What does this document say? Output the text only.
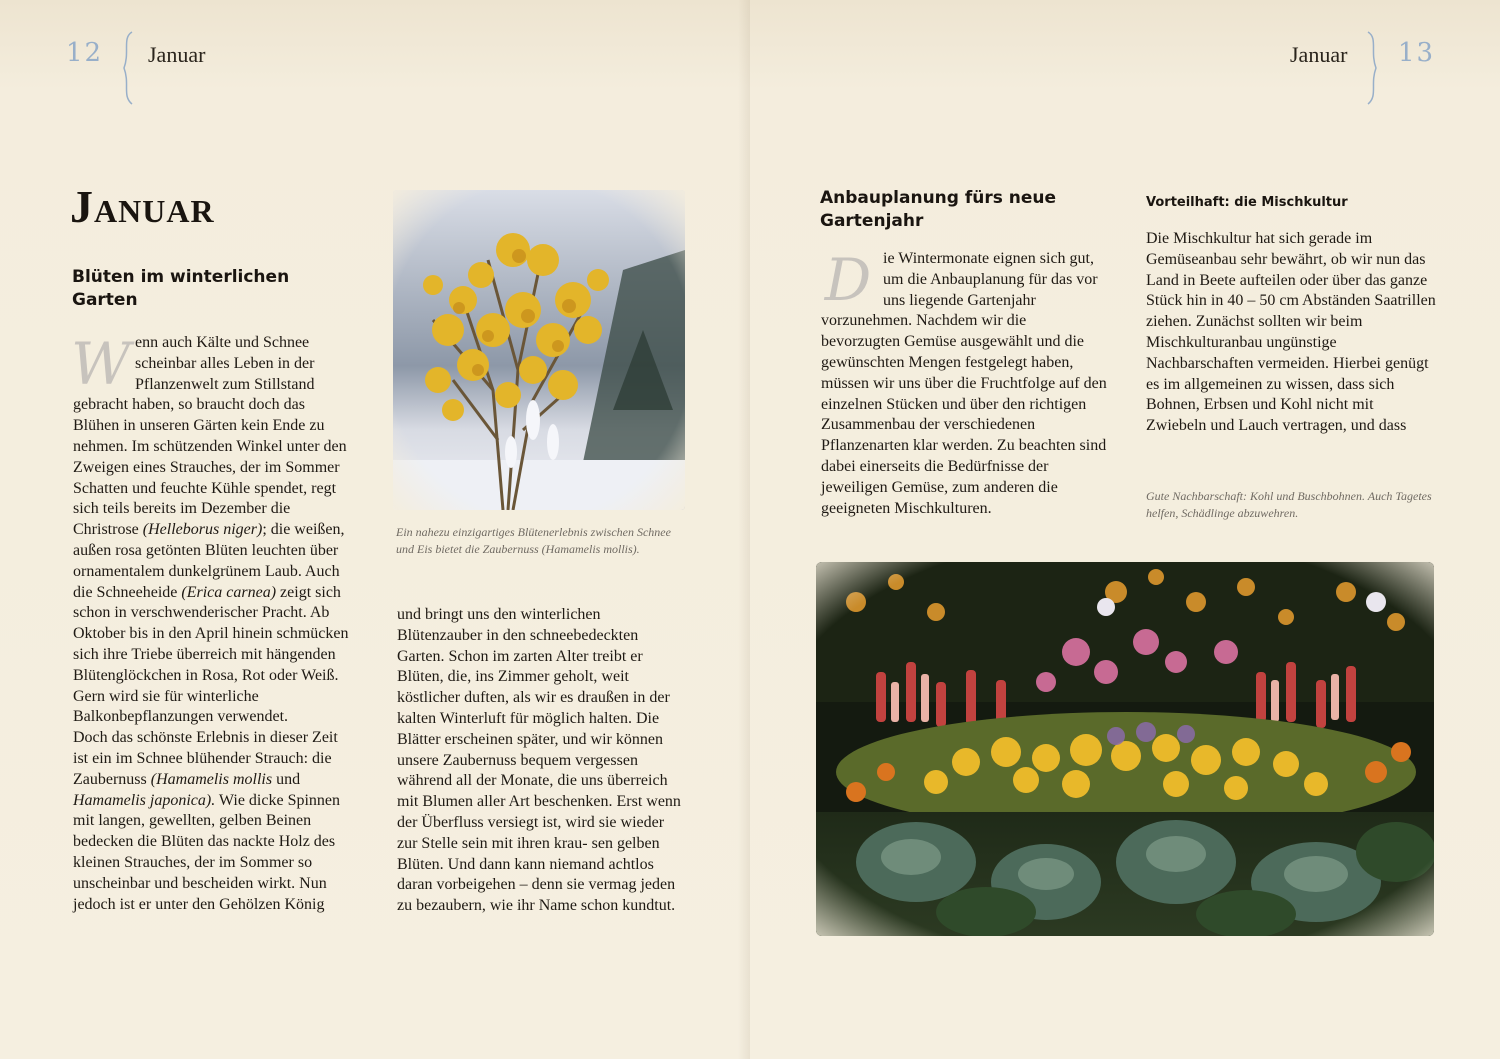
12 Januar
Januar
Blüten im winterlichen Garten

Wenn auch Kälte und Schnee scheinbar alles Leben in der Pflanzenwelt zum Stillstand gebracht haben, so braucht doch das Blühen in unseren Gärten kein Ende zu nehmen. Im schützenden Winkel unter den Zweigen eines Strauches, der im Sommer Schatten und feuchte Kühle spendet, regt sich teils bereits im Dezember die Christrose (Helleborus niger); die weißen, außen rosa getönten Blüten leuchten über ornamentalem dunkelgrünem Laub. Auch die Schneeheide (Erica carnea) zeigt sich schon in verschwenderischer Pracht. Ab Oktober bis in den April hinein schmücken sich ihre Triebe überreich mit hängenden Blütenglöckchen in Rosa, Rot oder Weiß. Gern wird sie für winterliche Balkonbepflanzungen verwendet.
Doch das schönste Erlebnis in dieser Zeit ist ein im Schnee blühender Strauch: die Zaubernuss (Hamamelis mollis und Hamamelis japonica). Wie dicke Spinnen mit langen, gewellten, gelben Beinen bedecken die Blüten das nackte Holz des kleinen Strauches, der im Sommer so unscheinbar und bescheiden wirkt. Nun jedoch ist er unter den Gehölzen König

Ein nahezu einzigartiges Blütenerlebnis zwischen Schnee und Eis bietet die Zaubernuss (Hamamelis mollis).

und bringt uns den winterlichen Blütenzauber in den schneebedeckten Garten. Schon im zarten Alter treibt er Blüten, die, ins Zimmer geholt, weit köstlicher duften, als wir es draußen in der kalten Winterluft für möglich halten. Die Blätter erscheinen später, und wir können unsere Zaubernuss bequem vergessen während all der Monate, die uns überreich mit Blumen aller Art beschenken. Erst wenn der Überfluss versiegt ist, wird sie wieder zur Stelle sein mit ihren krau- sen gelben Blüten. Und dann kann niemand achtlos daran vorbeigehen – denn sie vermag jeden zu bezaubern, wie ihr Name schon kundtut.

Januar 13
Anbauplanung fürs neue Gartenjahr

Die Wintermonate eignen sich gut, um die Anbauplanung für das vor uns liegende Gartenjahr vorzunehmen. Nachdem wir die bevorzugten Gemüse ausgewählt und die gewünschten Mengen festgelegt haben, müssen wir uns über die Fruchtfolge auf den einzelnen Stücken und über den richtigen Zusammenbau der verschiedenen Pflanzenarten klar werden. Zu beachten sind dabei einerseits die Bedürfnisse der jeweiligen Gemüse, zum anderen die geeigneten Mischkulturen.

Vorteilhaft: die Mischkultur

Die Mischkultur hat sich gerade im Gemüseanbau sehr bewährt, ob wir nun das Land in Beete aufteilen oder über das ganze Stück hin in 40 – 50 cm Abständen Saatrillen ziehen. Zunächst sollten wir beim Mischkulturanbau ungünstige Nachbarschaften vermeiden. Hierbei genügt es im allgemeinen zu wissen, dass sich Bohnen, Erbsen und Kohl nicht mit Zwiebeln und Lauch vertragen, und dass

Gute Nachbarschaft: Kohl und Buschbohnen. Auch Tagetes helfen, Schädlinge abzuwehren.
